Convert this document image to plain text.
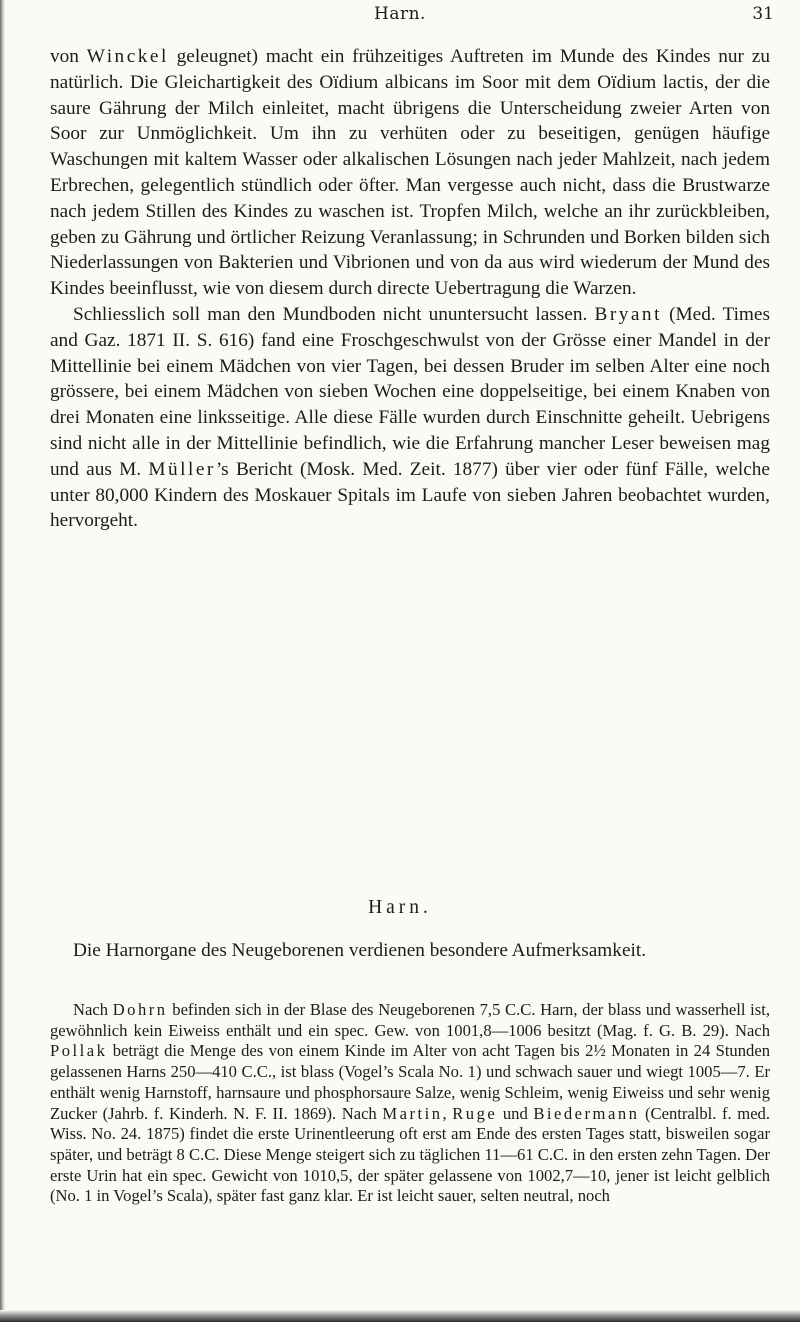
Harn.	31

von Winckel geleugnet) macht ein frühzeitiges Auftreten im Munde des Kindes nur zu natürlich. Die Gleichartigkeit des Oïdium albicans im Soor mit dem Oïdium lactis, der die saure Gährung der Milch einleitet, macht übrigens die Unterscheidung zweier Arten von Soor zur Unmöglichkeit. Um ihn zu verhüten oder zu beseitigen, genügen häufige Waschungen mit kaltem Wasser oder alkalischen Lösungen nach jeder Mahlzeit, nach jedem Erbrechen, gelegentlich stündlich oder öfter. Man vergesse auch nicht, dass die Brustwarze nach jedem Stillen des Kindes zu waschen ist. Tropfen Milch, welche an ihr zurückbleiben, geben zu Gährung und örtlicher Reizung Veranlassung; in Schrunden und Borken bilden sich Niederlassungen von Bakterien und Vibrionen und von da aus wird wiederum der Mund des Kindes beeinflusst, wie von diesem durch directe Uebertragung die Warzen.

Schliesslich soll man den Mundboden nicht ununtersucht lassen. Bryant (Med. Times and Gaz. 1871 II. S. 616) fand eine Froschgeschwulst von der Grösse einer Mandel in der Mittellinie bei einem Mädchen von vier Tagen, bei dessen Bruder im selben Alter eine noch grössere, bei einem Mädchen von sieben Wochen eine doppelseitige, bei einem Knaben von drei Monaten eine linksseitige. Alle diese Fälle wurden durch Einschnitte geheilt. Uebrigens sind nicht alle in der Mittellinie befindlich, wie die Erfahrung mancher Leser beweisen mag und aus M. Müller’s Bericht (Mosk. Med. Zeit. 1877) über vier oder fünf Fälle, welche unter 80,000 Kindern des Moskauer Spitals im Laufe von sieben Jahren beobachtet wurden, hervorgeht.

Harn.

Die Harnorgane des Neugeborenen verdienen besondere Aufmerksamkeit.

Nach Dohrn befinden sich in der Blase des Neugeborenen 7,5 C.C. Harn, der blass und wasserhell ist, gewöhnlich kein Eiweiss enthält und ein spec. Gew. von 1001,8—1006 besitzt (Mag. f. G. B. 29). Nach Pollak beträgt die Menge des von einem Kinde im Alter von acht Tagen bis 2½ Monaten in 24 Stunden gelassenen Harns 250—410 C.C., ist blass (Vogel’s Scala No. 1) und schwach sauer und wiegt 1005—7. Er enthält wenig Harnstoff, harnsaure und phosphorsaure Salze, wenig Schleim, wenig Eiweiss und sehr wenig Zucker (Jahrb. f. Kinderh. N. F. II. 1869). Nach Martin, Ruge und Biedermann (Centralbl. f. med. Wiss. No. 24. 1875) findet die erste Urinentleerung oft erst am Ende des ersten Tages statt, bisweilen sogar später, und beträgt 8 C.C. Diese Menge steigert sich zu täglichen 11—61 C.C. in den ersten zehn Tagen. Der erste Urin hat ein spec. Gewicht von 1010,5, der später gelassene von 1002,7—10, jener ist leicht gelblich (No. 1 in Vogel’s Scala), später fast ganz klar. Er ist leicht sauer, selten neutral, noch
